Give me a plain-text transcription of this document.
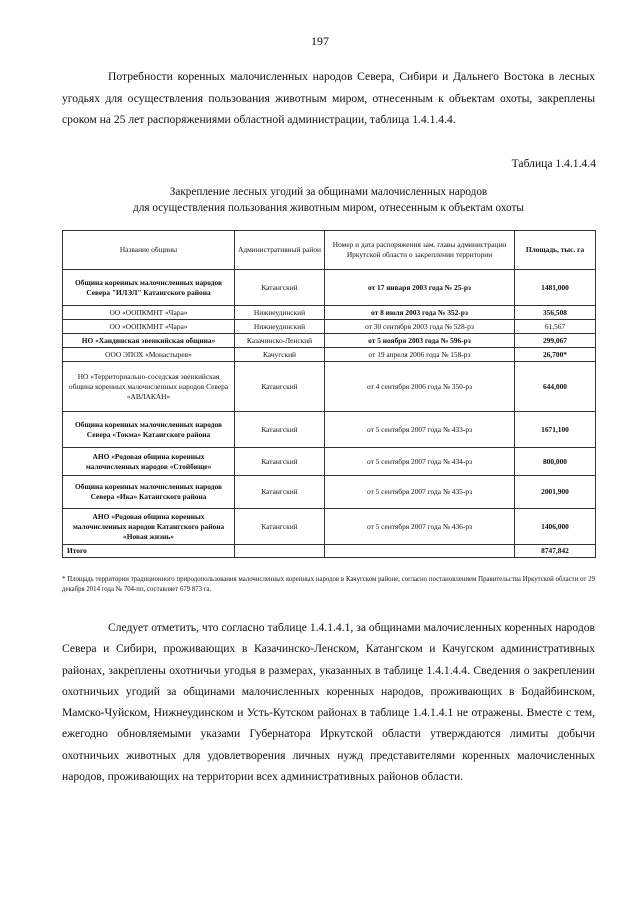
197

Потребности коренных малочисленных народов Севера, Сибири и Дальнего Востока в лесных угодьях для осуществления пользования животным миром, отнесенным к объектам охоты, закреплены сроком на 25 лет распоряжениями областной администрации, таблица 1.4.1.4.4.

Таблица 1.4.1.4.4
Закрепление лесных угодий за общинами малочисленных народов
для осуществления пользования животным миром, отнесенным к объектам охоты
Название общины	Административный район	Номер и дата распоряжения зам. главы администрации Иркутской области о закреплении территории	Площадь, тыс. га
Община коренных малочисленных народов Севера "ИЛЭЛ" Катангского района	Катангский	от 17 января 2003 года № 25-рз	1481,000
ОО «ООПКМНТ «Чара»	Нижнеудинский	от 8 июля 2003 года № 352-рз	356,508
ОО «ООПКМНТ «Чара»	Нижнеудинский	от 30 сентября 2003 года № 528-рз	61,567
НО «Хандинская эвенкийская община»	Казачинско-Ленский	от 5 ноября 2003 года № 596-рз	299,067
ООО ЭПОХ «Монастырев»	Качугский	от 19 апреля 2006 года № 158-рз	26,700*
НО «Территориально-соседская эвенкийская община коренных малочисленных народов Севера «АВЛАКАН»	Катангский	от 4 сентября 2006 года № 350-рз	644,000
Община коренных малочисленных народов Севера «Токма» Катангского района	Катангский	от 5 сентября 2007 года № 433-рз	1671,100
АНО «Родовая община коренных малочисленных народов «Стойбище»	Катангский	от 5 сентября 2007 года № 434-рз	800,000
Община коренных малочисленных народов Севера «Ика» Катангского района	Катангский	от 5 сентября 2007 года № 435-рз	2001,900
АНО «Родовая община коренных малочисленных народов Катангского района «Новая жизнь»	Катангский	от 5 сентября 2007 года № 436-рз	1406,000
Итого			8747,842
* Площадь территории традиционного природопользования малочисленных коренных народов в Качугском районе, согласно постановлением Правительства Иркутской области от 29 декабря 2014 года № 704-пп, составляет 679 873 га.

Следует отметить, что согласно таблице 1.4.1.4.1, за общинами малочисленных коренных народов Севера и Сибири, проживающих в Казачинско-Ленском, Катангском и Качугском административных районах, закреплены охотничьи угодья в размерах, указанных в таблице 1.4.1.4.4. Сведения о закреплении охотничьих угодий за общинами малочисленных коренных народов, проживающих в Бодайбинском, Мамско-Чуйском, Нижнеудинском и Усть-Кутском районах в таблице 1.4.1.4.1 не отражены. Вместе с тем, ежегодно обновляемыми указами Губернатора Иркутской области утверждаются лимиты добычи охотничьих животных для удовлетворения личных нужд представителями коренных малочисленных народов, проживающих на территории всех административных районов области.
